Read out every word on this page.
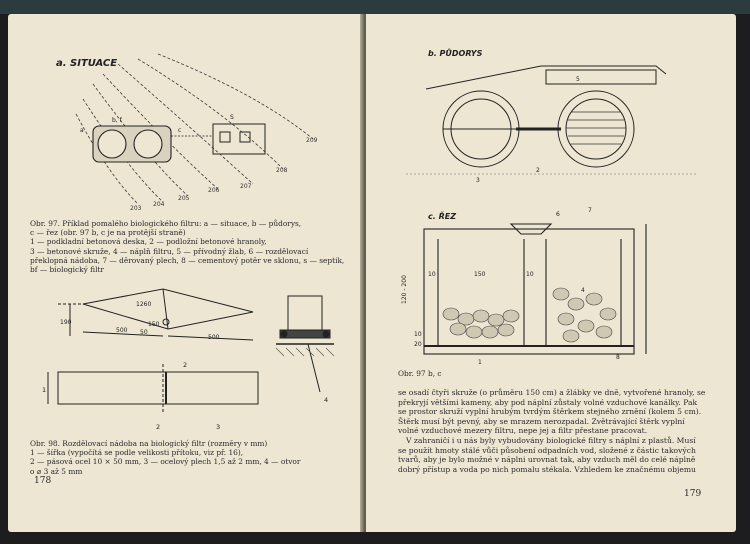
a. SITUACE
209
208
207
206
205
204
203
b, f
a	c
S
Obr. 97. Příklad pomalého biologického filtru: a — situace, b — půdorys,
c — řez (obr. 97 b, c je na protější straně)
1 — podkladní betonová deska, 2 — podložní betonové hranoly,
3 — betonové skruže, 4 — náplň filtru, 5 — přívodný žlab, 6 — rozdělovací
překlopná nádoba, 7 — děrovaný plech, 8 — cementový potěr ve sklonu, s — septik,
bf — biologický filtr
500
500
1260
150
190
50
1
2
2	3
4
Obr. 98. Rozdělovací nádoba na biologický filtr (rozměry v mm)
1 — šířka (vypočítá se podle velikosti přítoku, viz př. 16),
2 — pásová ocel 10 × 50 mm, 3 — ocelový plech 1,5 až 2 mm, 4 — otvor
o ⌀ 3 až 5 mm
178
b. PŮDORYS
5
2
3
c. ŘEZ	6
7
10	150	10
120 - 200
10
20
4
1
8
Obr. 97 b, c
se osadí čtyři skruže (o průměru 150 cm) a žlábky ve dně, vytvořené hranoly, se
překryjí většími kameny, aby pod náplní zůstaly volné vzduchové kanálky. Pak
se prostor skruží vyplní hrubým tvrdým štěrkem stejného zrnění (kolem 5 cm).
Štěrk musí být pevný, aby se mrazem nerozpadal. Zvětrávající štěrk vyplní
volné vzduchové mezery filtru, nepe jej a filtr přestane pracovat.
V zahraničí i u nás byly vybudovány biologické filtry s náplní z plastů. Musí
se použít hmoty stálé vůči působení odpadních vod, složené z částic takových
tvarů, aby je bylo možné v náplni urovnat tak, aby vzduch měl do celé náplně
dobrý přístup a voda po nich pomalu stékala. Vzhledem ke značnému objemu
179
